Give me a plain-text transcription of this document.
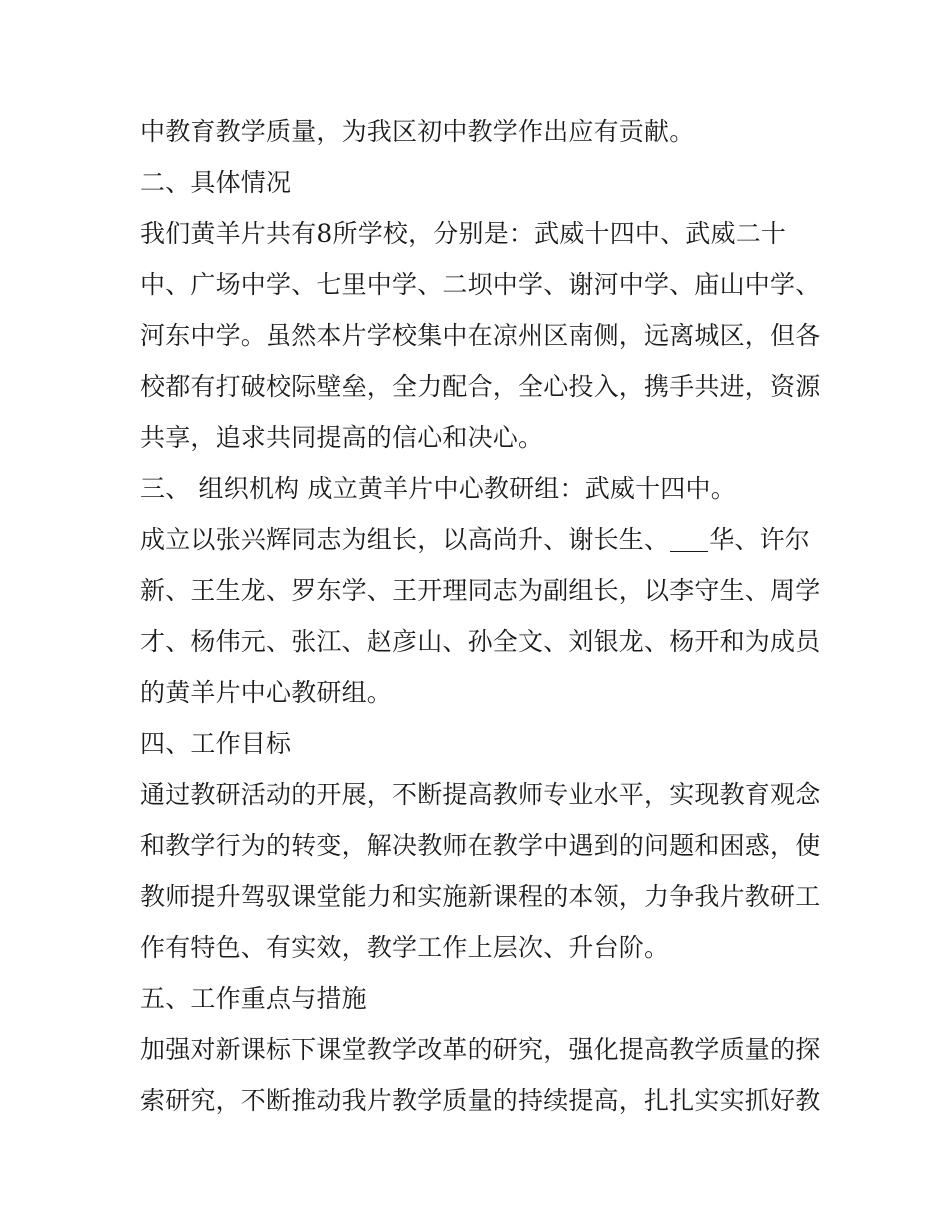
中教育教学质量，为我区初中教学作出应有贡献。

二、具体情况

我们黄羊片共有8所学校，分别是：武威十四中、武威二十

中、广场中学、七里中学、二坝中学、谢河中学、庙山中学、

河东中学。虽然本片学校集中在凉州区南侧，远离城区，但各

校都有打破校际壁垒，全力配合，全心投入，携手共进，资源

共享，追求共同提高的信心和决心。

三、 组织机构 成立黄羊片中心教研组：武威十四中。

成立以张兴辉同志为组长，以高尚升、谢长生、 华、许尔

新、王生龙、罗东学、王开理同志为副组长，以李守生、周学

才、杨伟元、张江、赵彦山、孙全文、刘银龙、杨开和为成员

的黄羊片中心教研组。

四、工作目标

通过教研活动的开展，不断提高教师专业水平，实现教育观念

和教学行为的转变，解决教师在教学中遇到的问题和困惑，使

教师提升驾驭课堂能力和实施新课程的本领，力争我片教研工

作有特色、有实效，教学工作上层次、升台阶。

五、工作重点与措施

加强对新课标下课堂教学改革的研究，强化提高教学质量的探

索研究，不断推动我片教学质量的持续提高，扎扎实实抓好教
